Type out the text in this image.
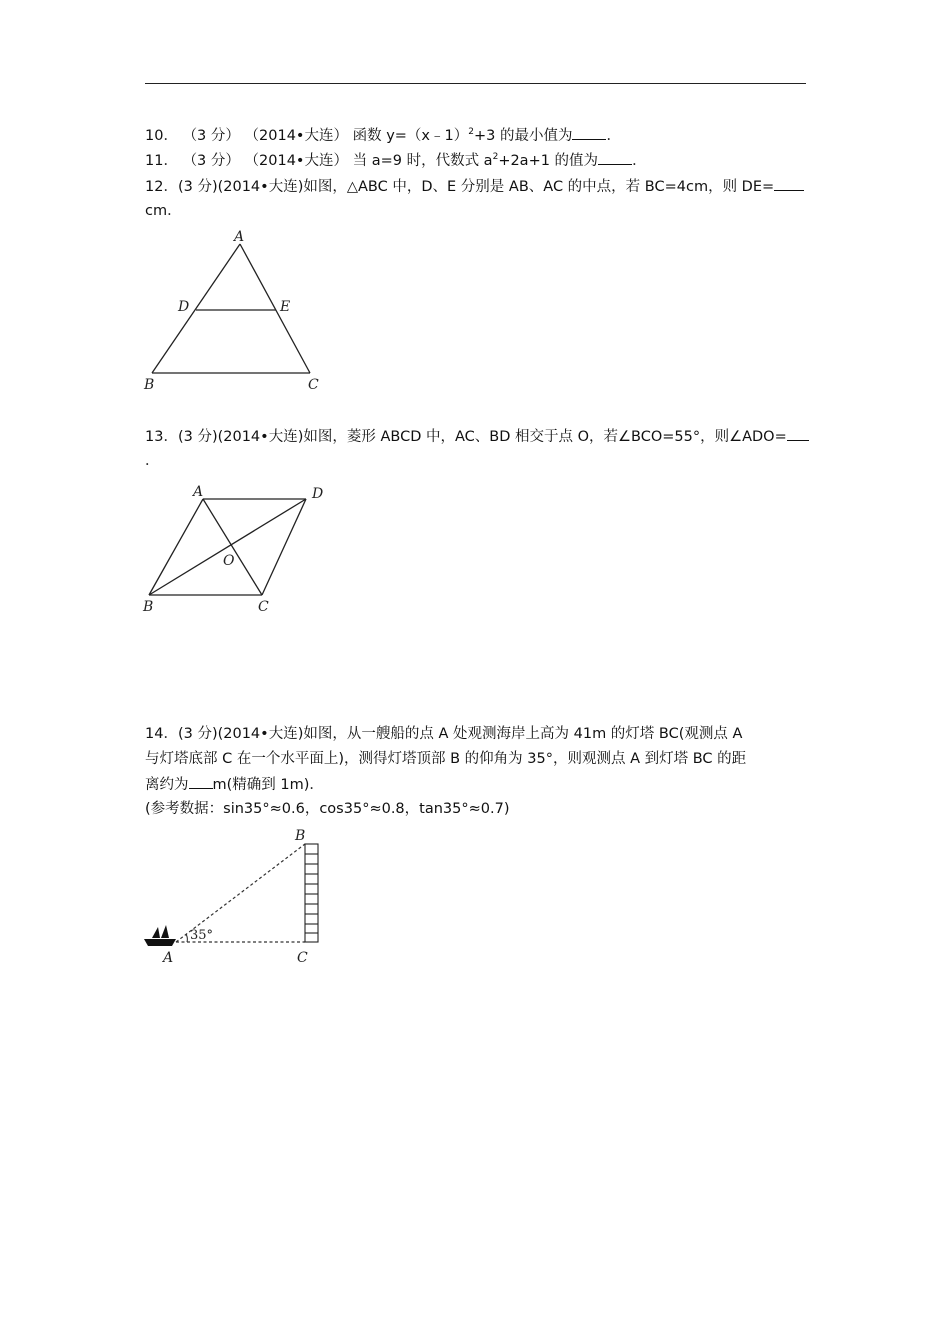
10． （3 分） （2014•大连） 函数 y=（x﹣1）$^2$+3 的最小值为 ．
11． （3 分） （2014•大连） 当 a=9 时，代数式 $a^2+2a+1$ 的值为 ．
12．(3 分)(2014•大连)如图，△ABC 中，D、E 分别是 AB、AC 的中点，若 BC=4cm，则 DE=
cm．
A
D	E
B	C
13．(3 分)(2014•大连)如图，菱形 ABCD 中，AC、BD 相交于点 O，若∠BCO=55°，则∠ADO=
．
A	D
O
B	C
14．(3 分)(2014•大连)如图，从一艘船的点 A 处观测海岸上高为 41m 的灯塔 BC(观测点 A
与灯塔底部 C 在一个水平面上)，测得灯塔顶部 B 的仰角为 35°，则观测点 A 到灯塔 BC 的距
离约为 m(精确到 1m)．
(参考数据：sin35°≈0.6，cos35°≈0.8，tan35°≈0.7)
35°
B
A	C
